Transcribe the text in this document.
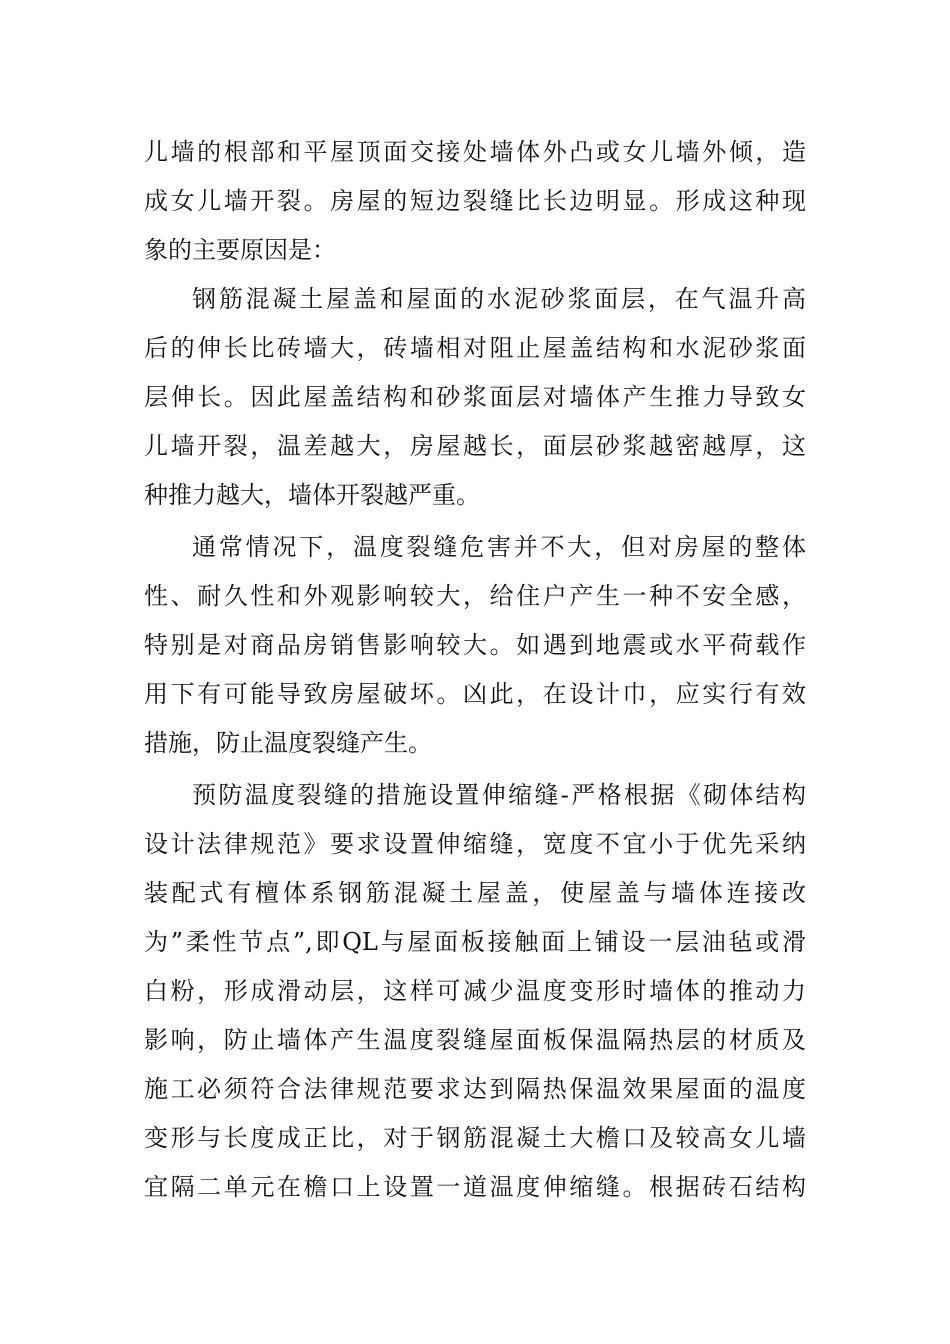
儿墙的根部和平屋顶面交接处墙体外凸或女儿墙外倾，造
成女儿墙开裂。房屋的短边裂缝比长边明显。形成这种现
象的主要原因是：
钢筋混凝土屋盖和屋面的水泥砂浆面层，在气温升高
后的伸长比砖墙大，砖墙相对阻止屋盖结构和水泥砂浆面
层伸长。因此屋盖结构和砂浆面层对墙体产生推力导致女
儿墙开裂，温差越大，房屋越长，面层砂浆越密越厚，这
种推力越大，墙体开裂越严重。
通常情况下，温度裂缝危害并不大，但对房屋的整体
性、耐久性和外观影响较大，给住户产生一种不安全感，
特别是对商品房销售影响较大。如遇到地震或水平荷载作
用下有可能导致房屋破坏。凶此，在设计巾，应实行有效
措施，防止温度裂缝产生。
预防温度裂缝的措施设置伸缩缝-严格根据《砌体结构
设计法律规范》要求设置伸缩缝，宽度不宜小于优先采纳
装配式有檀体系钢筋混凝土屋盖，使屋盖与墙体连接改
为”柔性节点”,即QL与屋面板接触面上铺设一层油毡或滑
白粉，形成滑动层，这样可减少温度变形时墙体的推动力
影响，防止墙体产生温度裂缝屋面板保温隔热层的材质及
施工必须符合法律规范要求达到隔热保温效果屋面的温度
变形与长度成正比，对于钢筋混凝土大檐口及较高女儿墙
宜隔二单元在檐口上设置一道温度伸缩缝。根据砖石结构
